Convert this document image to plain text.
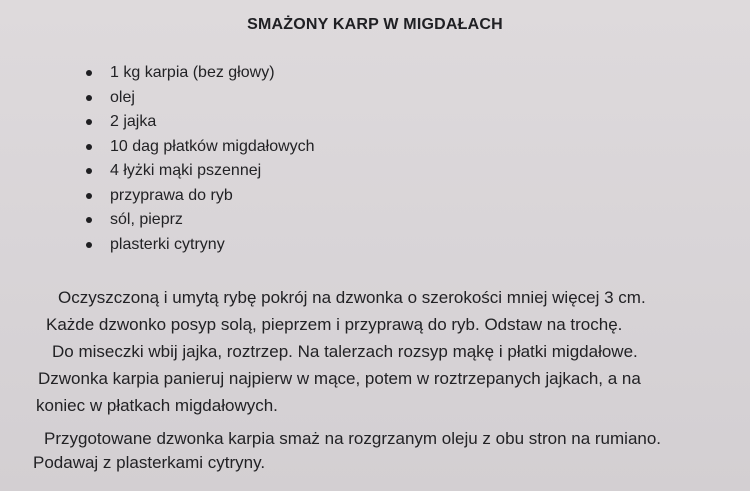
SMAŻONY KARP W MIGDAŁACH
1 kg karpia (bez głowy)
olej
2 jajka
10 dag płatków migdałowych
4 łyżki mąki pszennej
przyprawa do ryb
sól, pieprz
plasterki cytryny
Oczyszczoną i umytą rybę pokrój na dzwonka o szerokości mniej więcej 3 cm.
Każde dzwonko posyp solą, pieprzem i przyprawą do ryb. Odstaw na trochę.
Do miseczki wbij jajka, roztrzep. Na talerzach rozsyp mąkę i płatki migdałowe.
Dzwonka karpia panieruj najpierw w mące, potem w roztrzepanych jajkach, a na
koniec w płatkach migdałowych.
Przygotowane dzwonka karpia smaż na rozgrzanym oleju z obu stron na rumiano.
Podawaj z plasterkami cytryny.
